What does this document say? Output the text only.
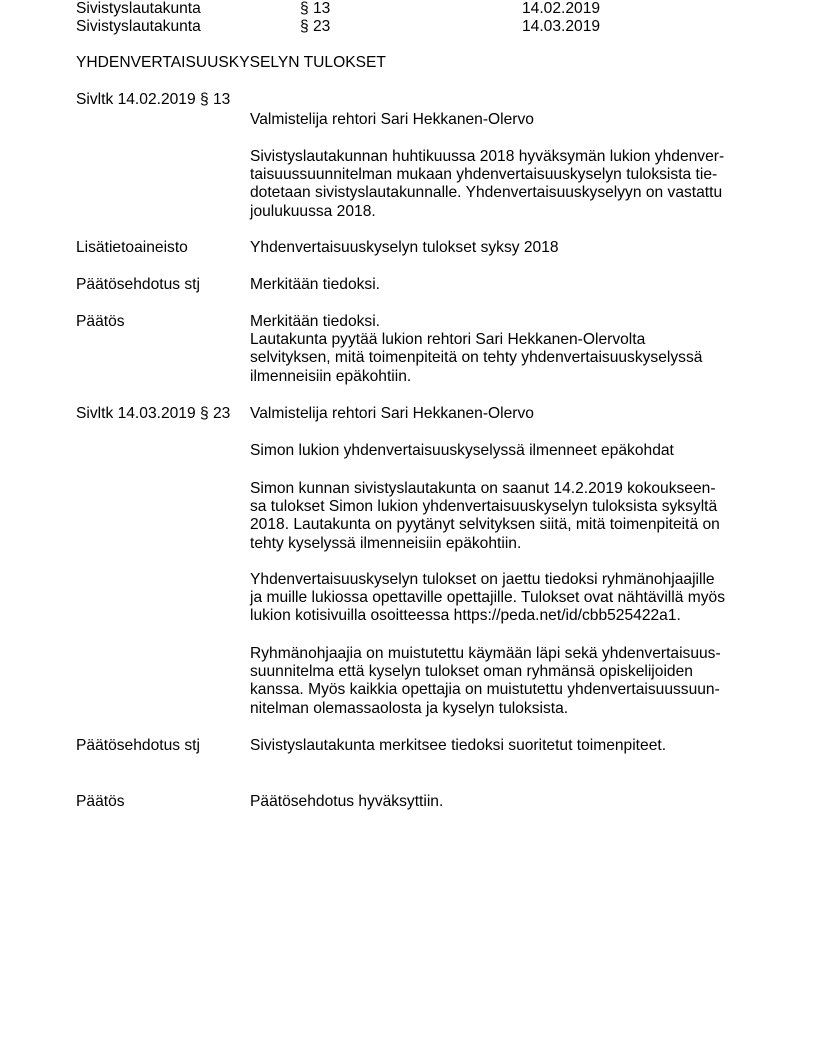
Sivistyslautakunta	§ 13	14.02.2019
Sivistyslautakunta	§ 23	14.03.2019
YHDENVERTAISUUSKYSELYN TULOKSET
Sivltk 14.02.2019 § 13
Valmistelija rehtori Sari Hekkanen-Olervo
Sivistyslautakunnan huhtikuussa 2018 hyväksymän lukion yhdenver-
taisuussuunnitelman mukaan yhdenvertaisuuskyselyn tuloksista tie-
dotetaan sivistyslautakunnalle. Yhdenvertaisuuskyselyyn on vastattu
joulukuussa 2018.
Lisätietoaineisto	Yhdenvertaisuuskyselyn tulokset syksy 2018
Päätösehdotus stj	Merkitään tiedoksi.
Päätös	Merkitään tiedoksi.
Lautakunta pyytää lukion rehtori Sari Hekkanen-Olervolta
selvityksen, mitä toimenpiteitä on tehty yhdenvertaisuuskyselyssä
ilmenneisiin epäkohtiin.
Sivltk 14.03.2019 § 23 Valmistelija rehtori Sari Hekkanen-Olervo
Simon lukion yhdenvertaisuuskyselyssä ilmenneet epäkohdat
Simon kunnan sivistyslautakunta on saanut 14.2.2019 kokoukseen-
sa tulokset Simon lukion yhdenvertaisuuskyselyn tuloksista syksyltä
2018. Lautakunta on pyytänyt selvityksen siitä, mitä toimenpiteitä on
tehty kyselyssä ilmenneisiin epäkohtiin.
Yhdenvertaisuuskyselyn tulokset on jaettu tiedoksi ryhmänohjaajille
ja muille lukiossa opettaville opettajille. Tulokset ovat nähtävillä myös
lukion kotisivuilla osoitteessa https://peda.net/id/cbb525422a1.
Ryhmänohjaajia on muistutettu käymään läpi sekä yhdenvertaisuus-
suunnitelma että kyselyn tulokset oman ryhmänsä opiskelijoiden
kanssa. Myös kaikkia opettajia on muistutettu yhdenvertaisuussuun-
nitelman olemassaolosta ja kyselyn tuloksista.
Päätösehdotus stj	Sivistyslautakunta merkitsee tiedoksi suoritetut toimenpiteet.
Päätös	Päätösehdotus hyväksyttiin.
